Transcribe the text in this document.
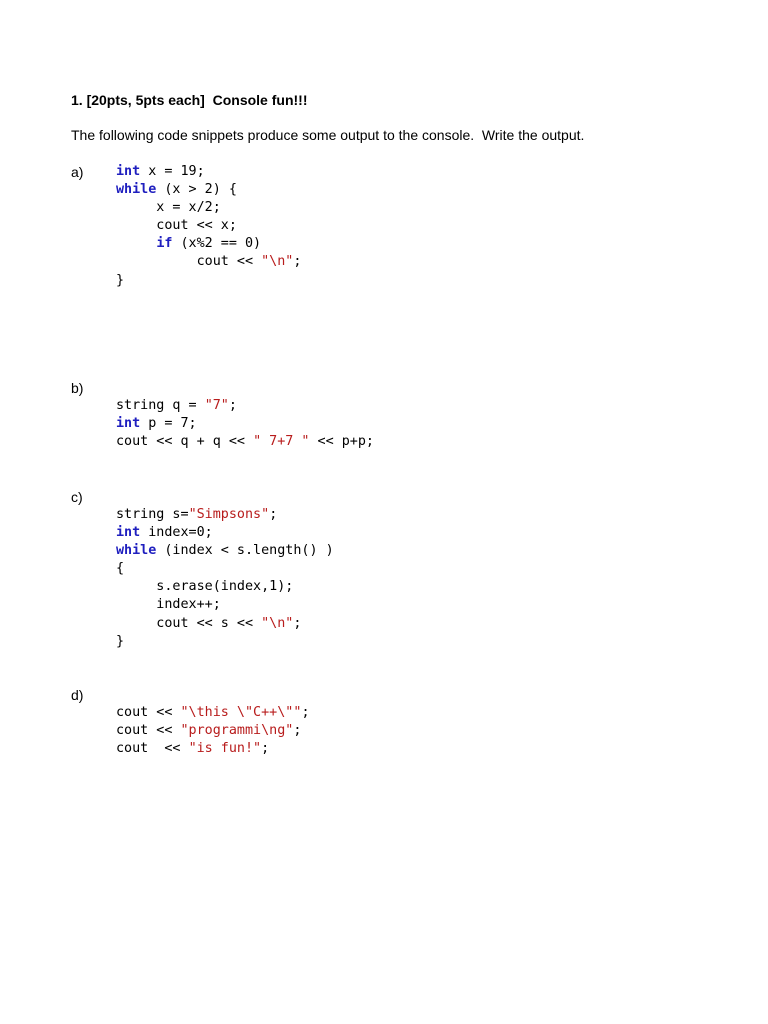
1. [20pts, 5pts each]  Console fun!!!
The following code snippets produce some output to the console.  Write the output.
a) int x = 19;
while (x > 2) {
x = x/2;
cout << x;
if (x%2 == 0)
cout << "\n";
}
b)
string q = "7";
int p = 7;
cout << q + q << " 7+7 " << p+p;
c)
string s="Simpsons";
int index=0;
while (index < s.length() )
{
s.erase(index,1);
index++;
cout << s << "\n";
}
d)
cout << "\this \"C++\"";
cout << "programmi\ng";
cout  << "is fun!";
